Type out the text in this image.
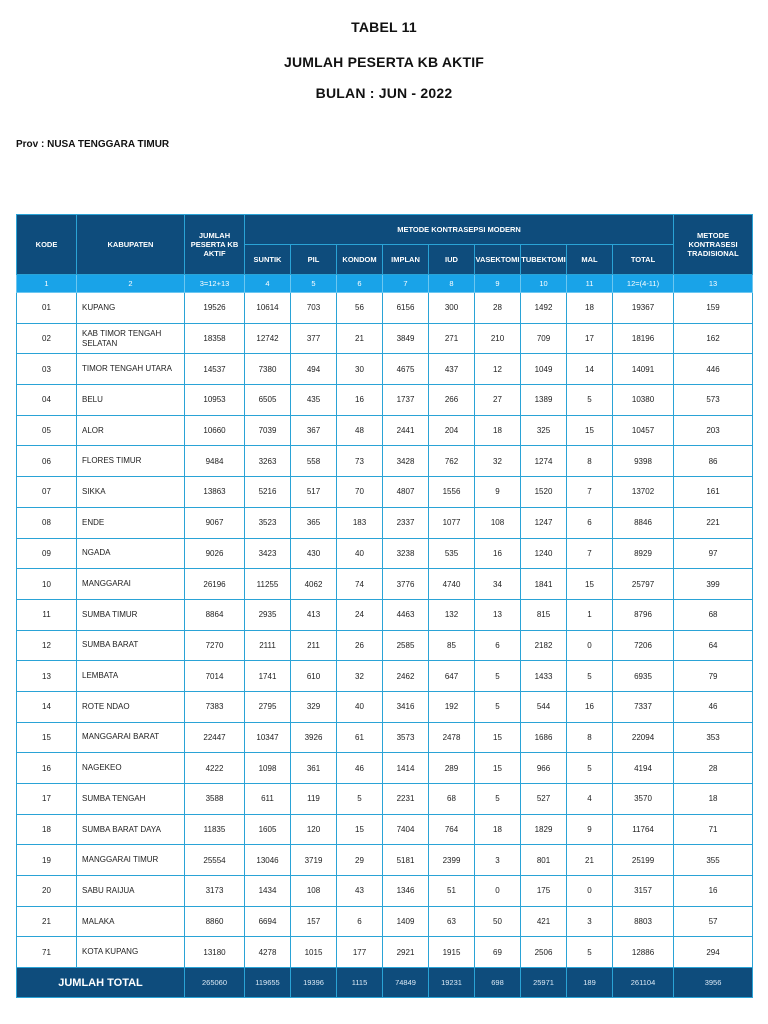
TABEL 11
JUMLAH PESERTA KB AKTIF
BULAN : JUN - 2022
Prov : NUSA TENGGARA TIMUR
KODE	KABUPATEN	JUMLAH PESERTA KB AKTIF	METODE KONTRASEPSI MODERN									METODE KONTRASESI TRADISIONAL
			SUNTIK	PIL	KONDOM	IMPLAN	IUD	VASEKTOMI	TUBEKTOMI	MAL	TOTAL	
1	2	3=12+13	4	5	6	7	8	9	10	11	12=(4-11)	13
01	KUPANG	19526	10614	703	56	6156	300	28	1492	18	19367	159
02	KAB TIMOR TENGAH SELATAN	18358	12742	377	21	3849	271	210	709	17	18196	162
03	TIMOR TENGAH UTARA	14537	7380	494	30	4675	437	12	1049	14	14091	446
04	BELU	10953	6505	435	16	1737	266	27	1389	5	10380	573
05	ALOR	10660	7039	367	48	2441	204	18	325	15	10457	203
06	FLORES TIMUR	9484	3263	558	73	3428	762	32	1274	8	9398	86
07	SIKKA	13863	5216	517	70	4807	1556	9	1520	7	13702	161
08	ENDE	9067	3523	365	183	2337	1077	108	1247	6	8846	221
09	NGADA	9026	3423	430	40	3238	535	16	1240	7	8929	97
10	MANGGARAI	26196	11255	4062	74	3776	4740	34	1841	15	25797	399
11	SUMBA TIMUR	8864	2935	413	24	4463	132	13	815	1	8796	68
12	SUMBA BARAT	7270	2111	211	26	2585	85	6	2182	0	7206	64
13	LEMBATA	7014	1741	610	32	2462	647	5	1433	5	6935	79
14	ROTE NDAO	7383	2795	329	40	3416	192	5	544	16	7337	46
15	MANGGARAI BARAT	22447	10347	3926	61	3573	2478	15	1686	8	22094	353
16	NAGEKEO	4222	1098	361	46	1414	289	15	966	5	4194	28
17	SUMBA TENGAH	3588	611	119	5	2231	68	5	527	4	3570	18
18	SUMBA BARAT DAYA	11835	1605	120	15	7404	764	18	1829	9	11764	71
19	MANGGARAI TIMUR	25554	13046	3719	29	5181	2399	3	801	21	25199	355
20	SABU RAIJUA	3173	1434	108	43	1346	51	0	175	0	3157	16
21	MALAKA	8860	6694	157	6	1409	63	50	421	3	8803	57
71	KOTA KUPANG	13180	4278	1015	177	2921	1915	69	2506	5	12886	294
JUMLAH TOTAL		265060	119655	19396	1115	74849	19231	698	25971	189	261104	3956
